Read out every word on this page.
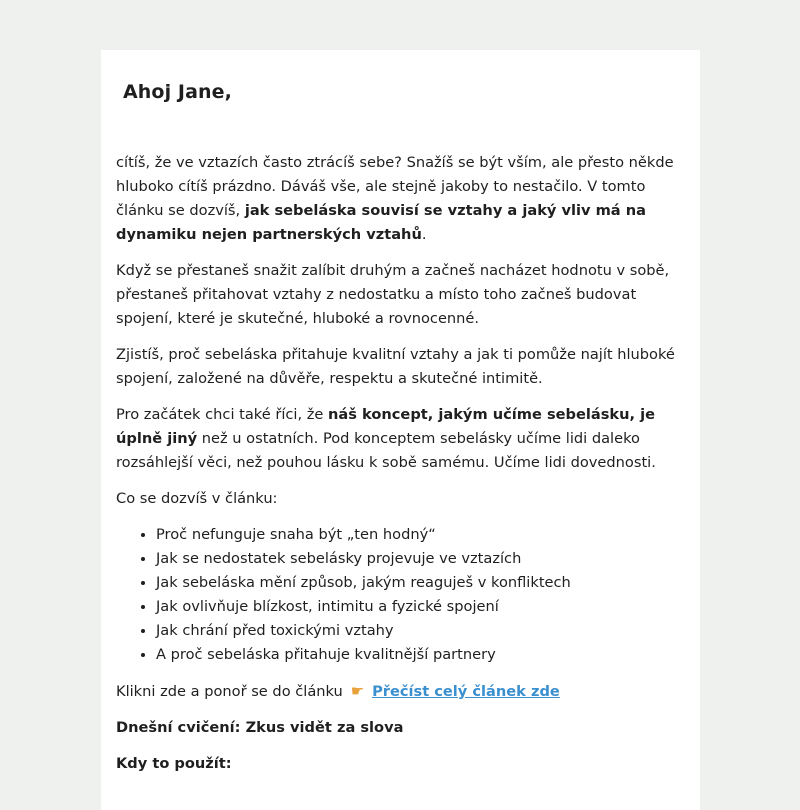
Ahoj Jane,

cítíš, že ve vztazích často ztrácíš sebe? Snažíš se být vším, ale přesto někde hluboko cítíš prázdno. Dáváš vše, ale stejně jakoby to nestačilo. V tomto článku se dozvíš, jak sebeláska souvisí se vztahy a jaký vliv má na dynamiku nejen partnerských vztahů.

Když se přestaneš snažit zalíbit druhým a začneš nacházet hodnotu v sobě, přestaneš přitahovat vztahy z nedostatku a místo toho začneš budovat spojení, které je skutečné, hluboké a rovnocenné.

Zjistíš, proč sebeláska přitahuje kvalitní vztahy a jak ti pomůže najít hluboké spojení, založené na důvěře, respektu a skutečné intimitě.

Pro začátek chci také říci, že náš koncept, jakým učíme sebelásku, je úplně jiný než u ostatních. Pod konceptem sebelásky učíme lidi daleko rozsáhlejší věci, než pouhou lásku k sobě samému. Učíme lidi dovednosti.

Co se dozvíš v článku:

• Proč nefunguje snaha být „ten hodný“
• Jak se nedostatek sebelásky projevuje ve vztazích
• Jak sebeláska mění způsob, jakým reaguješ v konfliktech
• Jak ovlivňuje blízkost, intimitu a fyzické spojení
• Jak chrání před toxickými vztahy
• A proč sebeláska přitahuje kvalitnější partnery

Klikni zde a ponoř se do článku ☛ Přečíst celý článek zde

Dnešní cvičení: Zkus vidět za slova

Kdy to použít:
